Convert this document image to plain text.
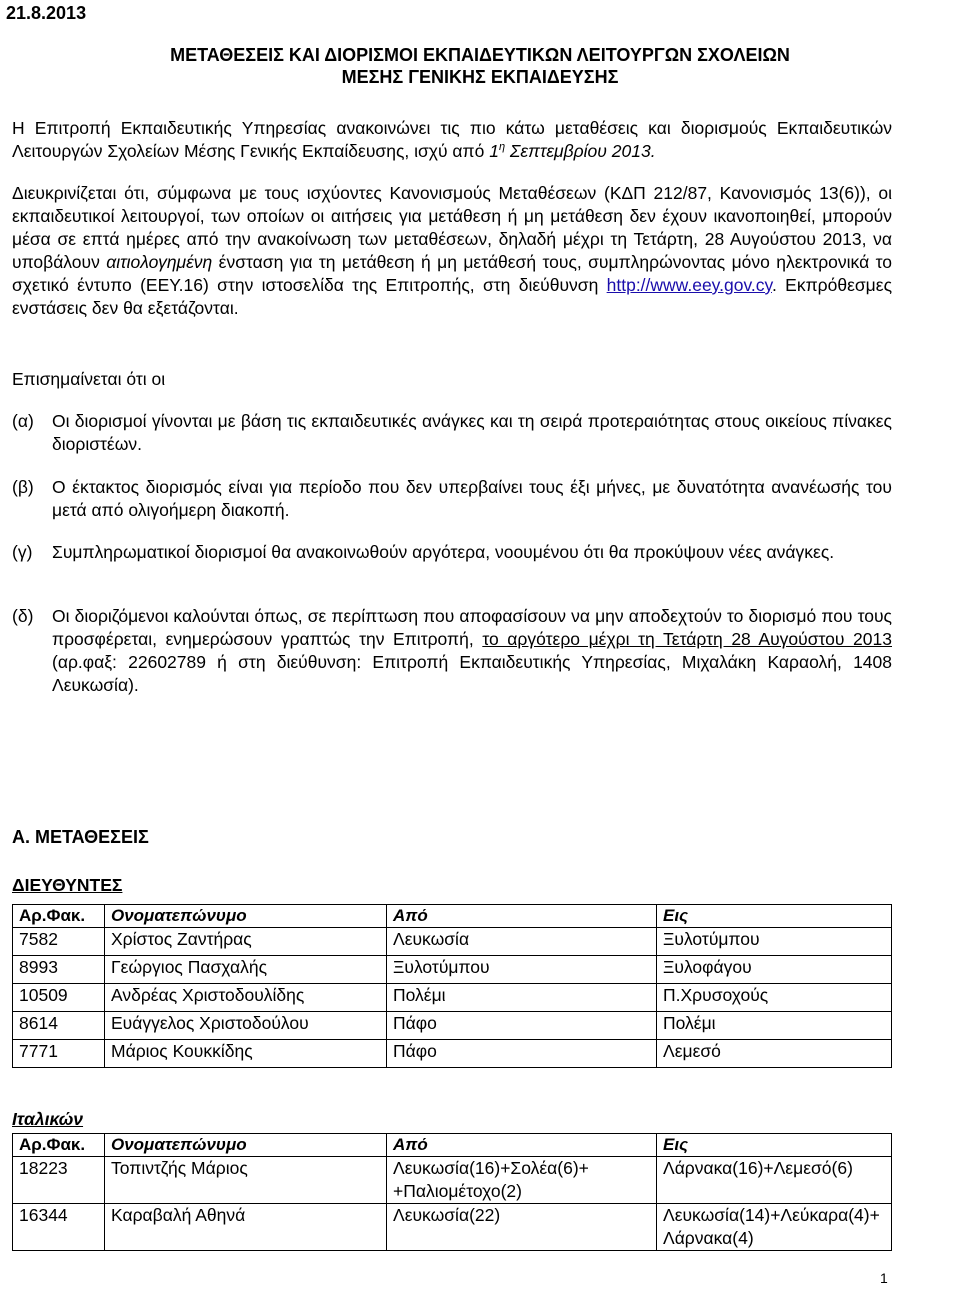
21.8.2013
ΜΕΤΑΘΕΣΕΙΣ ΚΑΙ ΔΙΟΡΙΣΜΟΙ ΕΚΠΑΙΔΕΥΤΙΚΩΝ ΛΕΙΤΟΥΡΓΩΝ ΣΧΟΛΕΙΩΝ
ΜΕΣΗΣ ΓΕΝΙΚΗΣ ΕΚΠΑΙΔΕΥΣΗΣ
Η Επιτροπή Εκπαιδευτικής Υπηρεσίας ανακοινώνει τις πιο κάτω μεταθέσεις και διορισμούς Εκπαιδευτικών Λειτουργών Σχολείων Μέσης Γενικής Εκπαίδευσης, ισχύ από $1^\eta$ Σεπτεμβρίου 2013.
Διευκρινίζεται ότι, σύμφωνα με τους ισχύοντες Κανονισμούς Μεταθέσεων (ΚΔΠ 212/87, Κανονισμός 13(6)), οι εκπαιδευτικοί λειτουργοί, των οποίων οι αιτήσεις για μετάθεση ή μη μετάθεση δεν έχουν ικανοποιηθεί, μπορούν μέσα σε επτά ημέρες από την ανακοίνωση των μεταθέσεων, δηλαδή μέχρι τη Τετάρτη, 28 Αυγούστου 2013, να υποβάλουν αιτιολογημένη ένσταση για τη μετάθεση ή μη μετάθεσή τους, συμπληρώνοντας μόνο ηλεκτρονικά το σχετικό έντυπο (ΕΕΥ.16) στην ιστοσελίδα της Επιτροπής, στη διεύθυνση http://www.eey.gov.cy. Εκπρόθεσμες ενστάσεις δεν θα εξετάζονται.
Επισημαίνεται ότι οι
(α) Οι διορισμοί γίνονται με βάση τις εκπαιδευτικές ανάγκες και τη σειρά προτεραιότητας στους οικείους πίνακες διοριστέων.
(β) Ο έκτακτος διορισμός είναι για περίοδο που δεν υπερβαίνει τους έξι μήνες, με δυνατότητα ανανέωσής του μετά από ολιγοήμερη διακοπή.
(γ) Συμπληρωματικοί διορισμοί θα ανακοινωθούν αργότερα, νοουμένου ότι θα προκύψουν νέες ανάγκες.
(δ) Οι διοριζόμενοι καλούνται όπως, σε περίπτωση που αποφασίσουν να μην αποδεχτούν το διορισμό που τους προσφέρεται, ενημερώσουν γραπτώς την Επιτροπή, το αργότερο μέχρι τη Τετάρτη 28 Αυγούστου 2013 (αρ.φαξ: 22602789 ή στη διεύθυνση: Επιτροπή Εκπαιδευτικής Υπηρεσίας, Μιχαλάκη Καραολή, 1408 Λευκωσία).
Α. ΜΕΤΑΘΕΣΕΙΣ
ΔΙΕΥΘΥΝΤΕΣ
Αρ.Φακ.	Ονοματεπώνυμο	Από	Εις
7582	Χρίστος Ζαντήρας	Λευκωσία	Ξυλοτύμπου
8993	Γεώργιος Πασχαλής	Ξυλοτύμπου	Ξυλοφάγου
10509	Ανδρέας Χριστοδουλίδης	Πολέμι	Π.Χρυσοχούς
8614	Ευάγγελος Χριστοδούλου	Πάφο	Πολέμι
7771	Μάριος Κουκκίδης	Πάφο	Λεμεσό
Ιταλικών
Αρ.Φακ.	Ονοματεπώνυμο	Από	Εις
18223	Τοπιντζής Μάριος	Λευκωσία(16)+Σολέα(6)+ +Παλιομέτοχο(2)	Λάρνακα(16)+Λεμεσό(6)
16344	Καραβαλή Αθηνά	Λευκωσία(22)	Λευκωσία(14)+Λεύκαρα(4)+ Λάρνακα(4)
1
